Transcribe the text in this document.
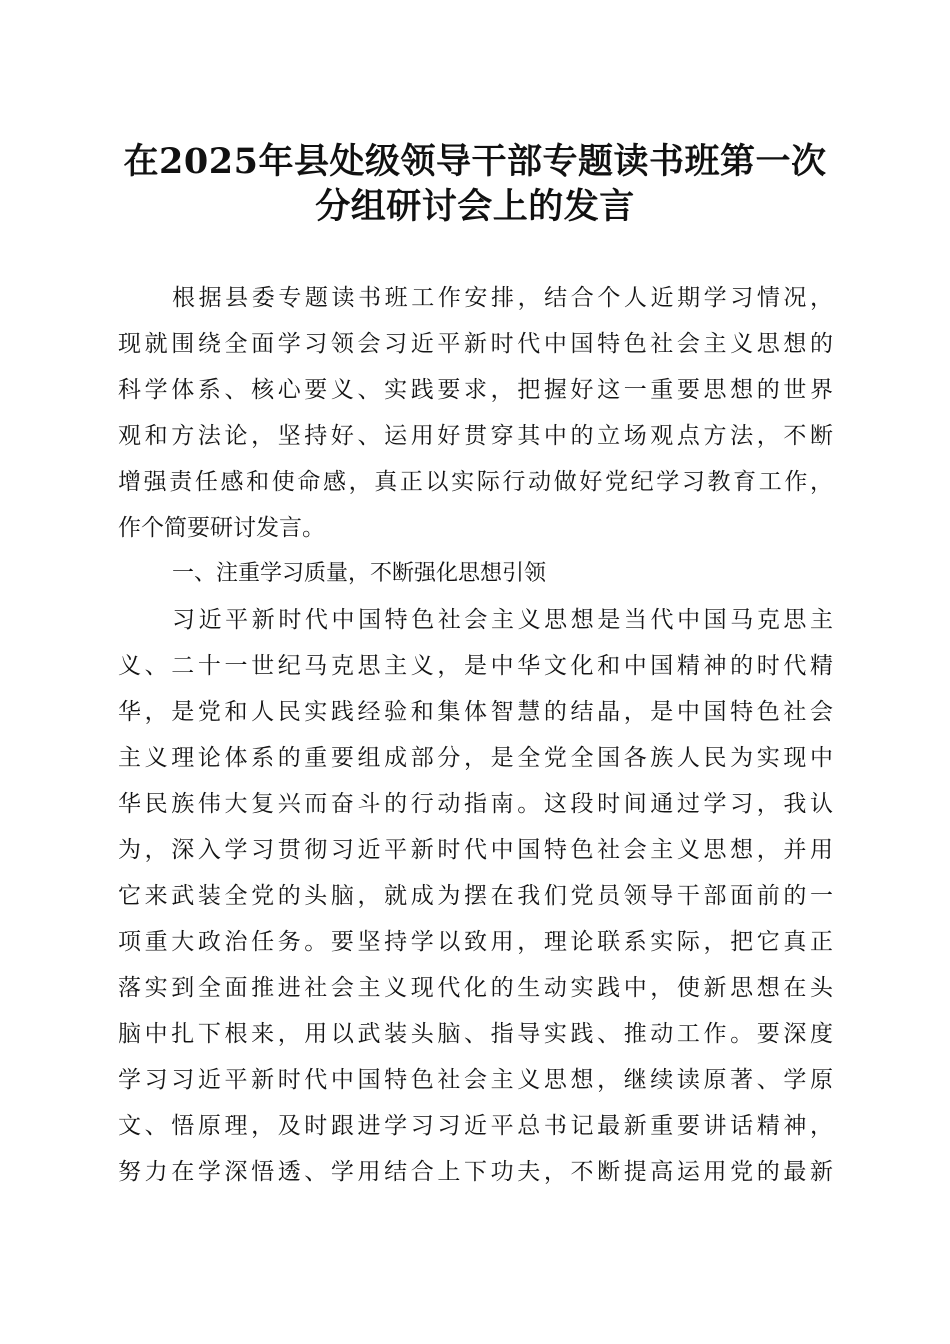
在2025年县处级领导干部专题读书班第一次
分组研讨会上的发言
根据县委专题读书班工作安排，结合个人近期学习情况，
现就围绕全面学习领会习近平新时代中国特色社会主义思想的
科学体系、核心要义、实践要求，把握好这一重要思想的世界
观和方法论，坚持好、运用好贯穿其中的立场观点方法，不断
增强责任感和使命感，真正以实际行动做好党纪学习教育工作，
作个简要研讨发言。
一、注重学习质量，不断强化思想引领
习近平新时代中国特色社会主义思想是当代中国马克思主
义、二十一世纪马克思主义，是中华文化和中国精神的时代精
华，是党和人民实践经验和集体智慧的结晶，是中国特色社会
主义理论体系的重要组成部分，是全党全国各族人民为实现中
华民族伟大复兴而奋斗的行动指南。这段时间通过学习，我认
为，深入学习贯彻习近平新时代中国特色社会主义思想，并用
它来武装全党的头脑，就成为摆在我们党员领导干部面前的一
项重大政治任务。要坚持学以致用，理论联系实际，把它真正
落实到全面推进社会主义现代化的生动实践中，使新思想在头
脑中扎下根来，用以武装头脑、指导实践、推动工作。要深度
学习习近平新时代中国特色社会主义思想，继续读原著、学原
文、悟原理，及时跟进学习习近平总书记最新重要讲话精神，
努力在学深悟透、学用结合上下功夫，不断提高运用党的最新
